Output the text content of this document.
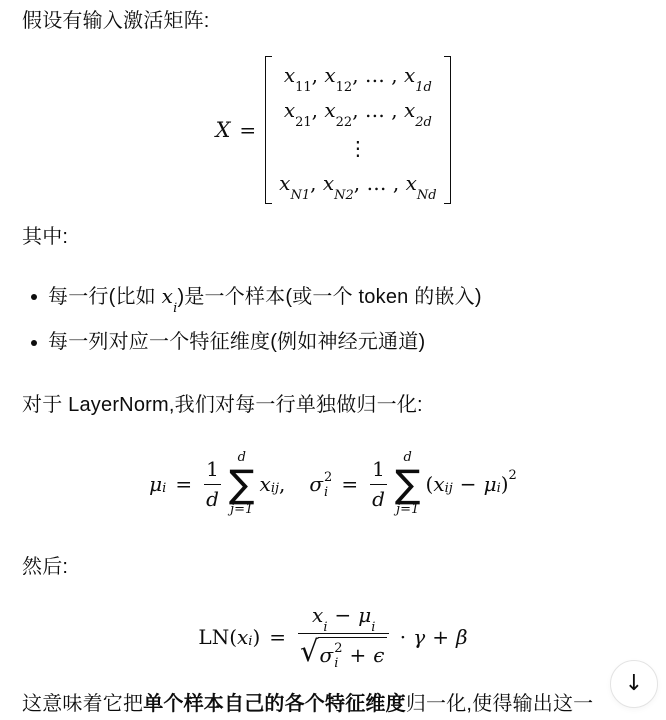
假设有输入激活矩阵:

X =
$x_{11}$, $x_{12}$, … , $x_{1d}$
$x_{21}$, $x_{22}$, … , $x_{2d}$
⋮
$x_{N1}$, $x_{N2}$, … , $x_{Nd}$

其中:

每一行(比如 $x_i$)是一个样本(或一个 token 的嵌入)
每一列对应一个特征维度(例如神经元通道)

对于 LayerNorm,我们对每一行单独做归一化:

$\mu_i = \frac{1}{d}$
d
∑
j=1
$x_{ij}$ , σ 2
$i = \frac{1}{d}$
d
∑
j=1
( $x_{ij} - \mu_i$ )$^2$

然后:

LN ( $x_i$ ) = $x_i- \mu_i$
√ σ 2
i + ϵ ⋅ γ + β

这意味着它把单个样本自己的各个特征维度归一化,使得输出这一

↓
